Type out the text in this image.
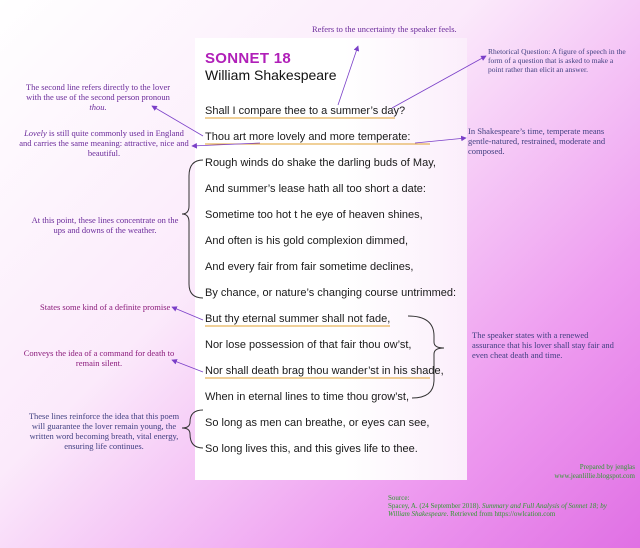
SONNET 18

William Shakespeare

Shall I compare thee to a summer’s day?

Thou art more lovely and more temperate:

Rough winds do shake the darling buds of May,

And summer’s lease hath all too short a date:

Sometime too hot t he eye of heaven shines,

And often is his gold complexion dimmed,

And every fair from fair sometime declines,

By chance, or nature’s changing course untrimmed:

But thy eternal summer shall not fade,

Nor lose possession of that fair thou ow’st,

Nor shall death brag thou wander’st in his shade,

When in eternal lines to time thou grow’st,

So long as men can breathe, or eyes can see,

So long lives this, and this gives life to thee.

Refers to the uncertainty the speaker feels.

Rhetorical Question: A figure of speech in the form of a question that is asked to make a point rather than elicit an answer.

The second line refers directly to the lover with the use of the second person pronoun thou.

Lovely is still quite commonly used in England and carries the same meaning: attractive, nice and beautiful.

In Shakespeare’s time, temperate means gentle-natured, restrained, moderate and composed.

At this point, these lines concentrate on the ups and downs of the weather.

States some kind of a definite promise

The speaker states with a renewed assurance that his lover shall stay fair and even cheat death and time.

Conveys the idea of a command for death to remain silent.

These lines reinforce the idea that this poem will guarantee the lover remain young, the written word becoming breath, vital energy, ensuring life continues.

Prepared by jenglas

www.jeanlillie.blogspot.com

Source:
Spacey, A. (24 September 2018). Summary and Full Analysis of Sonnet 18; by William Shakespeare. Retrieved from https://owlcation.com
